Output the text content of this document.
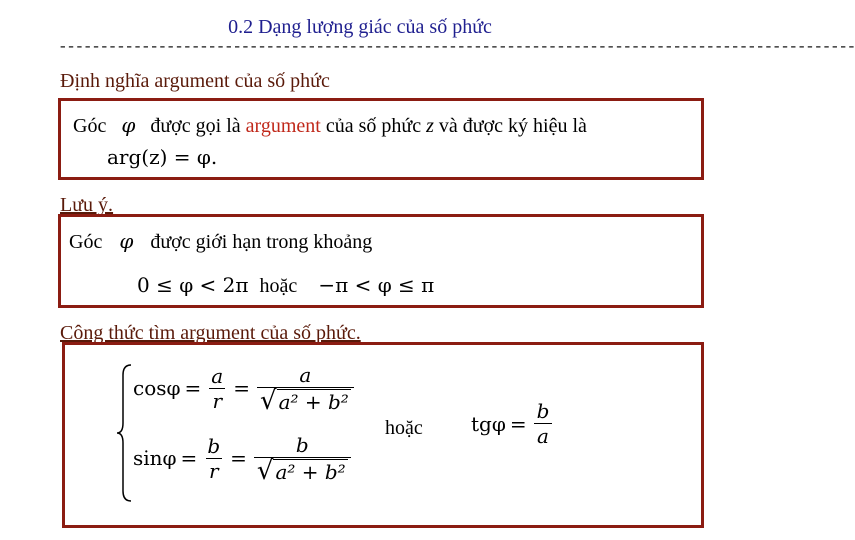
0.2 Dạng lượng giác của số phức
------------------------------------------------------------------------------------------------
Định nghĩa argument của số phức
Góc φ được gọi là argument của số phức z và được ký hiệu là
arg(z) = φ.
Lưu ý.
Góc φ được giới hạn trong khoảng
0 ≤ φ < 2π hoặc −π < φ ≤ π
Công thức tìm argument của số phức.
$\cos\varphi = \frac{a}{r} = \frac{a}{\text{√ a² + b²}}$
$\sin\varphi = \frac{b}{r} = \frac{b}{\text{√ a² + b²}}$
hoặc $tg\varphi = \frac{b}{a}$
